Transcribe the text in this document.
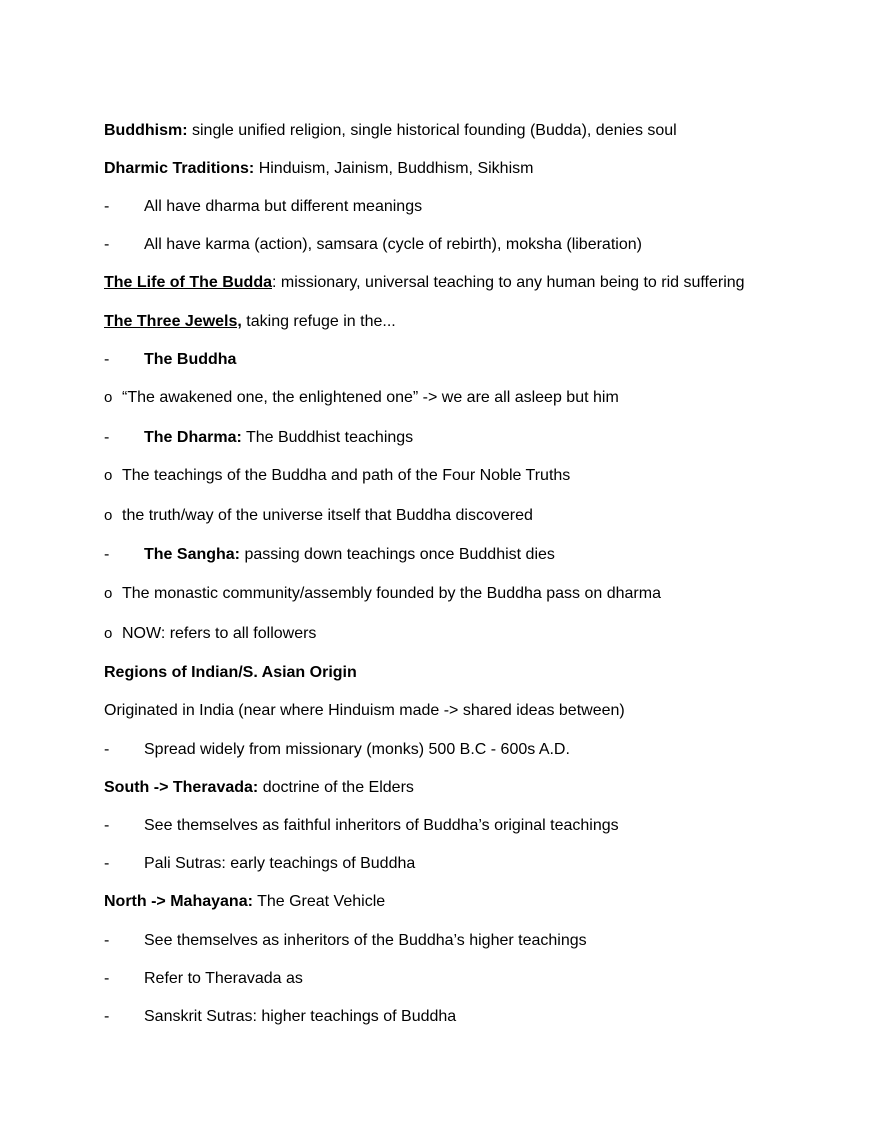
Buddhism: single unified religion, single historical founding (Budda), denies soul
Dharmic Traditions: Hinduism, Jainism, Buddhism, Sikhism
- All have dharma but different meanings
- All have karma (action), samsara (cycle of rebirth), moksha (liberation)
The Life of The Budda: missionary, universal teaching to any human being to rid suffering
The Three Jewels, taking refuge in the...
- The Buddha
o “The awakened one, the enlightened one” -> we are all asleep but him
- The Dharma: The Buddhist teachings
o The teachings of the Buddha and path of the Four Noble Truths
o the truth/way of the universe itself that Buddha discovered
- The Sangha: passing down teachings once Buddhist dies
o The monastic community/assembly founded by the Buddha pass on dharma
o NOW: refers to all followers
Regions of Indian/S. Asian Origin
Originated in India (near where Hinduism made -> shared ideas between)
- Spread widely from missionary (monks) 500 B.C - 600s A.D.
South -> Theravada: doctrine of the Elders
- See themselves as faithful inheritors of Buddha’s original teachings
- Pali Sutras: early teachings of Buddha
North -> Mahayana: The Great Vehicle
- See themselves as inheritors of the Buddha’s higher teachings
- Refer to Theravada as
- Sanskrit Sutras: higher teachings of Buddha
